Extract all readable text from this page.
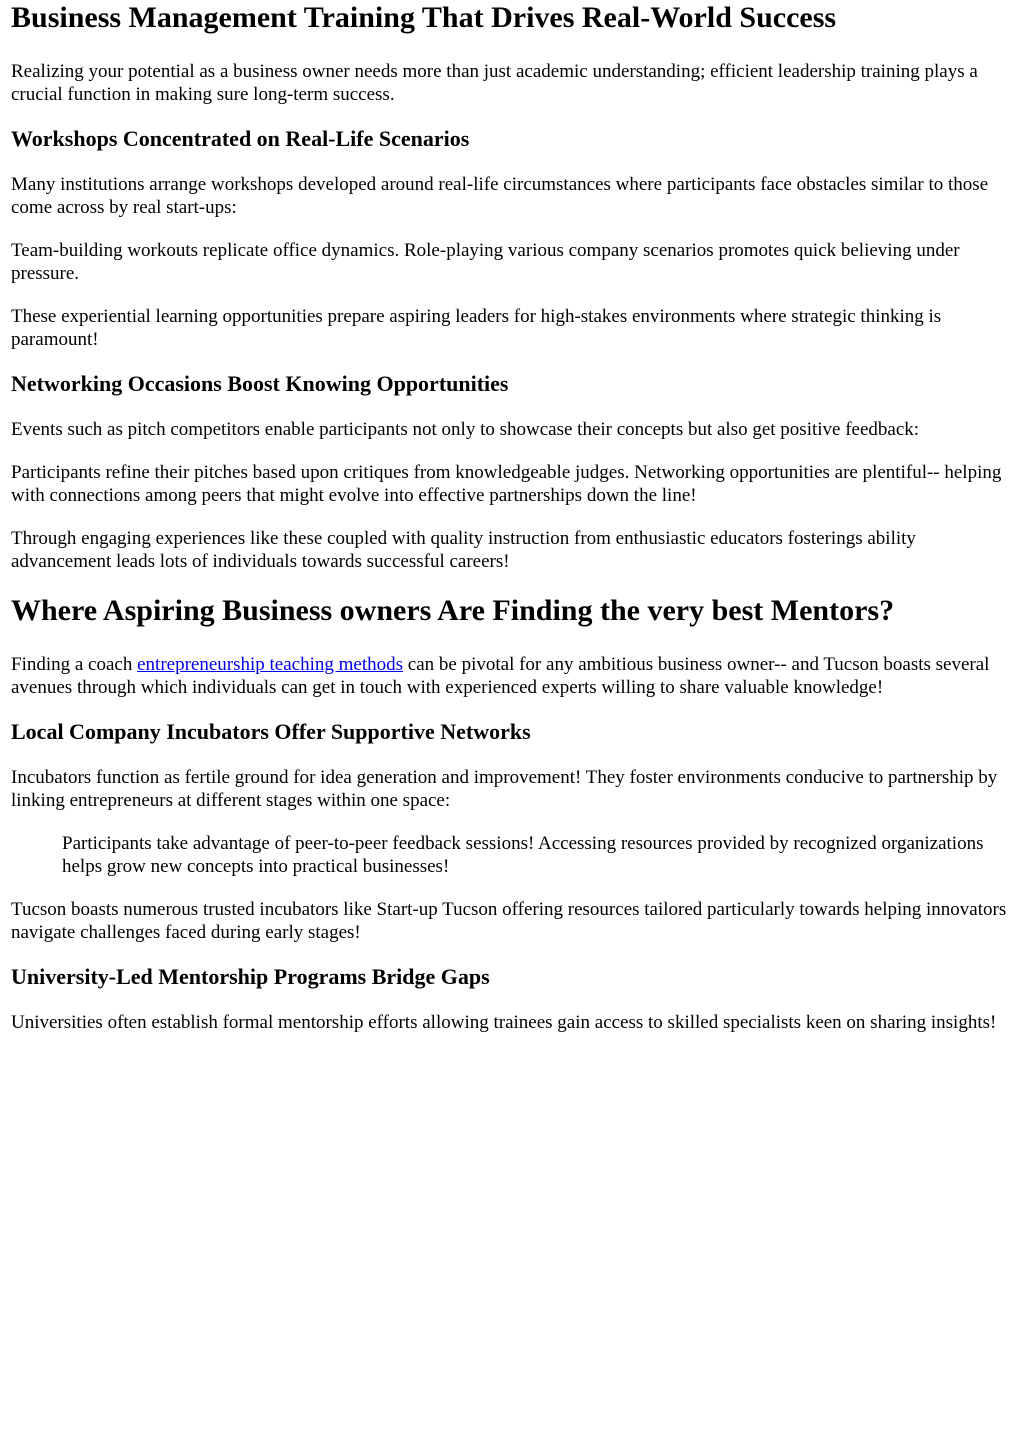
Business Management Training That Drives Real-World Success

Realizing your potential as a business owner needs more than just academic understanding; efficient leadership training plays a crucial function in making sure long-term success.

Workshops Concentrated on Real-Life Scenarios

Many institutions arrange workshops developed around real-life circumstances where participants face obstacles similar to those come across by real start-ups:

Team-building workouts replicate office dynamics. Role-playing various company scenarios promotes quick believing under pressure.

These experiential learning opportunities prepare aspiring leaders for high-stakes environments where strategic thinking is paramount!

Networking Occasions Boost Knowing Opportunities

Events such as pitch competitors enable participants not only to showcase their concepts but also get positive feedback:

Participants refine their pitches based upon critiques from knowledgeable judges. Networking opportunities are plentiful-- helping with connections among peers that might evolve into effective partnerships down the line!

Through engaging experiences like these coupled with quality instruction from enthusiastic educators fosterings ability advancement leads lots of individuals towards successful careers!

Where Aspiring Business owners Are Finding the very best Mentors?

Finding a coach entrepreneurship teaching methods can be pivotal for any ambitious business owner-- and Tucson boasts several avenues through which individuals can get in touch with experienced experts willing to share valuable knowledge!

Local Company Incubators Offer Supportive Networks

Incubators function as fertile ground for idea generation and improvement! They foster environments conducive to partnership by linking entrepreneurs at different stages within one space:

Participants take advantage of peer-to-peer feedback sessions! Accessing resources provided by recognized organizations helps grow new concepts into practical businesses!

Tucson boasts numerous trusted incubators like Start-up Tucson offering resources tailored particularly towards helping innovators navigate challenges faced during early stages!

University-Led Mentorship Programs Bridge Gaps

Universities often establish formal mentorship efforts allowing trainees gain access to skilled specialists keen on sharing insights!
